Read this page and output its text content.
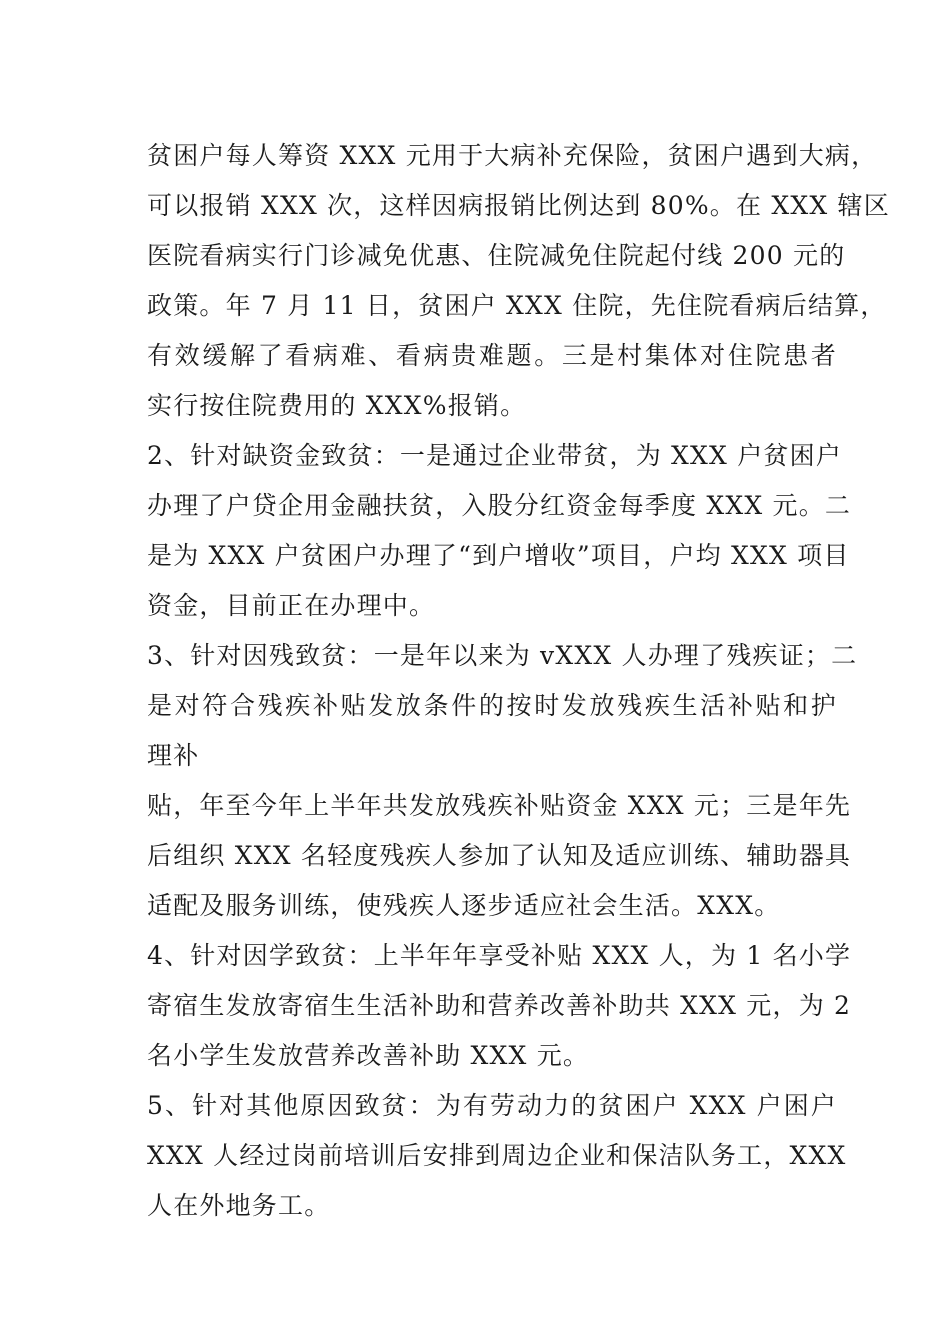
贫困户每人筹资 XXX 元用于大病补充保险，贫困户遇到大病，
可以报销 XXX 次，这样因病报销比例达到 80%。在 XXX 辖区
医院看病实行门诊减免优惠、住院减免住院起付线 200 元的
政策。年 7 月 11 日，贫困户 XXX 住院，先住院看病后结算，
有效缓解了看病难、看病贵难题。三是村集体对住院患者
实行按住院费用的 XXX%报销。
2、针对缺资金致贫：一是通过企业带贫，为 XXX 户贫困户
办理了户贷企用金融扶贫，入股分红资金每季度 XXX 元。二
是为 XXX 户贫困户办理了“到户增收”项目，户均 XXX 项目
资金，目前正在办理中。
3、针对因残致贫：一是年以来为 vXXX 人办理了残疾证；二
是对符合残疾补贴发放条件的按时发放残疾生活补贴和护
理补
贴，年至今年上半年共发放残疾补贴资金 XXX 元；三是年先
后组织 XXX 名轻度残疾人参加了认知及适应训练、辅助器具
适配及服务训练，使残疾人逐步适应社会生活。XXX。
4、针对因学致贫：上半年年享受补贴 XXX 人，为 1 名小学
寄宿生发放寄宿生生活补助和营养改善补助共 XXX 元，为 2
名小学生发放营养改善补助 XXX 元。
5、针对其他原因致贫：为有劳动力的贫困户 XXX 户困户
XXX 人经过岗前培训后安排到周边企业和保洁队务工，XXX
人在外地务工。
